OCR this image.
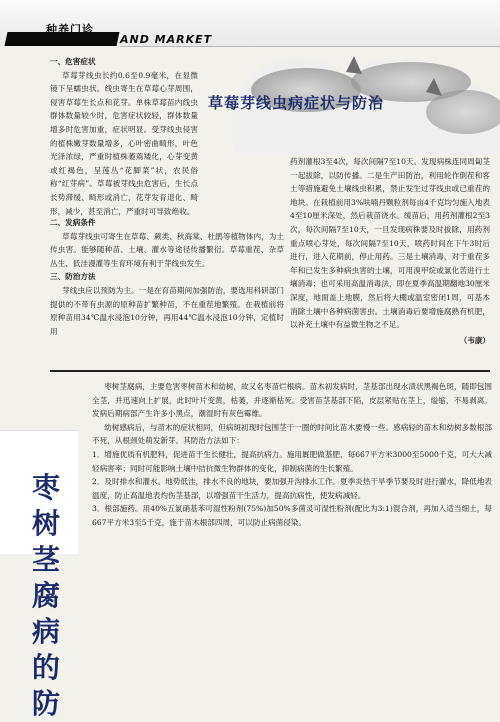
种养门诊
AND MARKET
草莓芽线虫病症状与防治
一、危害症状

草莓芽线虫长约0.6至0.9毫米，在显微镜下呈蠕虫状。线虫寄生在草莓心芽周围，侵害草莓生长点和花芽。单株草莓苗内线虫群体数量较少时，危害症状较轻，群体数量增多时危害加重，症状明显。受芽线虫侵害的植株嫩芽数量增多，心叶密曲畸形，叶色光泽浓绿，严重时植株萎蔫矮化，心芽变黄或红褐色，呈莲丛“花脚菜”状，农民俗称“红芽病”。草莓被芽线虫危害后，生长点长势滞缓、畸形或消亡，花芽发育退化、畸形，减少，甚至消亡，严重时可导致绝收。

二、发病条件

草莓芽线虫可寄生在草莓、蕨类、秋海棠、杜鹃等植物体内，为土传虫害。能够随种苗、土壤、灌水等途径传播繁衍。草莓重茬、杂草丛生、低洼漫灌等生育环境有利于芽线虫发生。

三、防治方法

芽线虫应以预防为主。一是在育苗期间加强防治，要选用科研部门提供的不带有虫源的原种苗扩繁种苗，不在重茬地繁殖。在栽植前将原种苗用34℃温水浸泡10分钟，再用44℃温水浸泡10分钟，定植时用

药剂灌根3至4次，每次间隔7至10天。发现病株连同周匐茎一起拔除，以防传播。二是生产田防治，利用轮作倒茬和客土等措施避免土壤线虫积累，禁止发生过芽线虫或已重茬的地块。在栽植前用3%呋喃丹颗粒剂每亩4千克均匀施入地表4至10厘米深处，然后栽苗浇水。缓苗后，用药剂灌根2至3次，每次间隔7至10天，一旦发现病株要及时拔除，用药剂重点喷心芽处，每次间隔7至10天，喷药时间在下午3时后进行，进入花期前，停止用药。三是土壤消毒，对于重茬多年和已发生多种病虫害的土壤，可用溴甲烷或氯化苦进行土壤消毒；也可采用高温消毒法，即在夏季高温期翻地30厘米深度，地面盖上地膜，然后将大棚或温室密闭1周，可基本消除土壤中各种病菌害虫。土壤消毒后要增施腐熟有机肥，以补充土壤中有益微生物之不足。

（韦康）

枣树茎腐病的防

枣树茎腐病，主要危害枣树苗木和幼树，故又名枣苗烂根病。苗木初发病时，茎基部出现水渍状黑褐色斑，随即包围全茎，并迅速向上扩展，此时叶片变黄，枯萎，并逐渐枯死。受害苗茎基部下陷，皮层紧贴在茎上，缢缩，不易剥离。发病后期病部产生许多小黑点，潮湿时有灰色霉维。

幼树感病后，与苗木的症状相同，但病斑初现时包围茎干一圈的时间比苗木要慢一些。感病轻的苗木和幼树多数根部不死，从根颈处萌发新芽。其防治方法如下：

1．增施优质有机肥料，促进苗干生长健壮，提高抗病力。施用厩肥做基肥，每667平方米3000至5000千克，可大大减轻病害率；同时可能影响土壤中拮抗微生物群体的变化，抑制病菌的生长繁殖。

2．及时排水和灌水。地势低洼，排水不良的地块，要加强开沟排水工作。夏季炎热干旱季节要及时进行灌水，降低地表温度，防止高温地表灼伤茎基部，以增强苗干生活力，提高抗病性，使发病减轻。

3．根部施药。用40%五氯硝基苯可湿性粉剂(75%)加50%多菌灵可湿性粉剂(配比为3:1)混合剂，再加入适当细土，每667平方米3至5千克，施于苗木根部四周，可以防止病菌侵染。
